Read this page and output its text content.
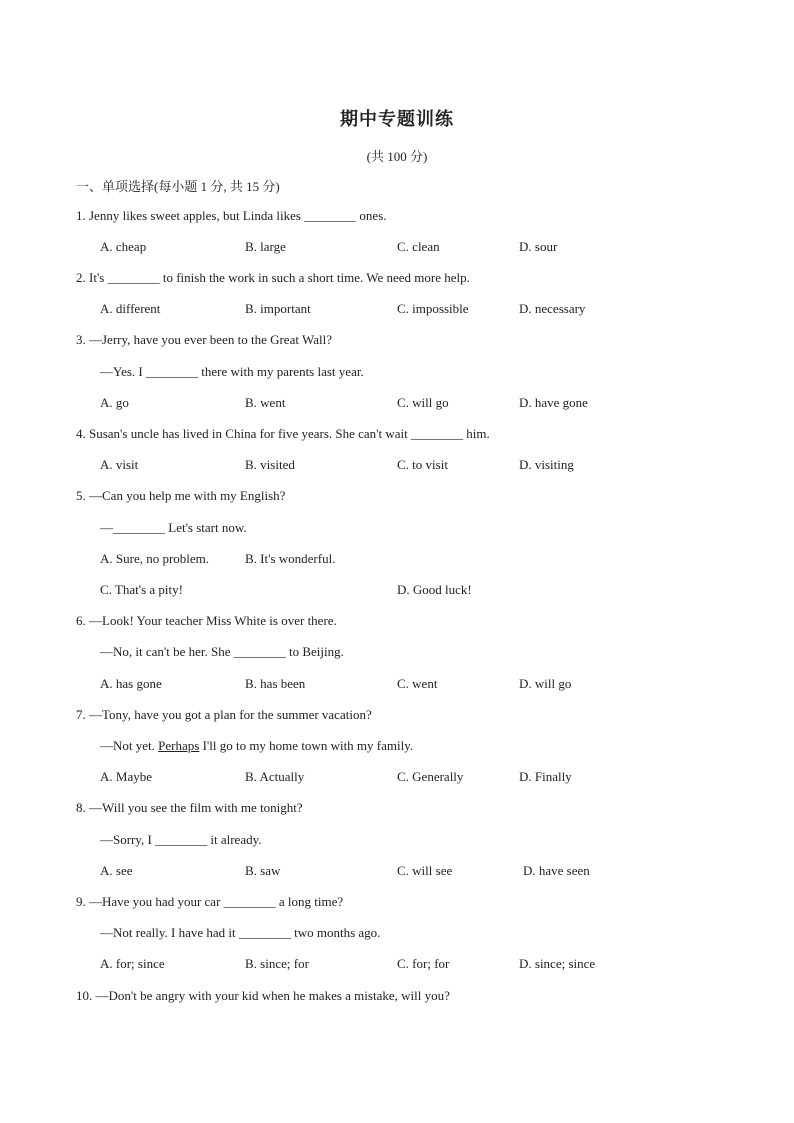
期中专题训练
(共 100 分)
一、单项选择(每小题 1 分, 共 15 分)
1. Jenny likes sweet apples, but Linda likes ________ ones.
A. cheap	B. large	C. clean	D. sour
2. It's ________ to finish the work in such a short time. We need more help.
A. different	B. important	C. impossible	D. necessary
3. —Jerry, have you ever been to the Great Wall?
—Yes. I ________ there with my parents last year.
A. go	B. went	C. will go	D. have gone
4. Susan's uncle has lived in China for five years. She can't wait ________ him.
A. visit	B. visited	C. to visit	D. visiting
5. —Can you help me with my English?
—________ Let's start now.
A. Sure, no problem.	B. It's wonderful.
C. That's a pity!	D. Good luck!
6. —Look! Your teacher Miss White is over there.
—No, it can't be her. She ________ to Beijing.
A. has gone	B. has been	C. went	D. will go
7. —Tony, have you got a plan for the summer vacation?
—Not yet. Perhaps I'll go to my home town with my family.
A. Maybe	B. Actually	C. Generally	D. Finally
8. —Will you see the film with me tonight?
—Sorry, I ________ it already.
A. see	B. saw	C. will see	D. have seen
9. —Have you had your car ________ a long time?
—Not really. I have had it ________ two months ago.
A. for; since	B. since; for	C. for; for	D. since; since
10. —Don't be angry with your kid when he makes a mistake, will you?
